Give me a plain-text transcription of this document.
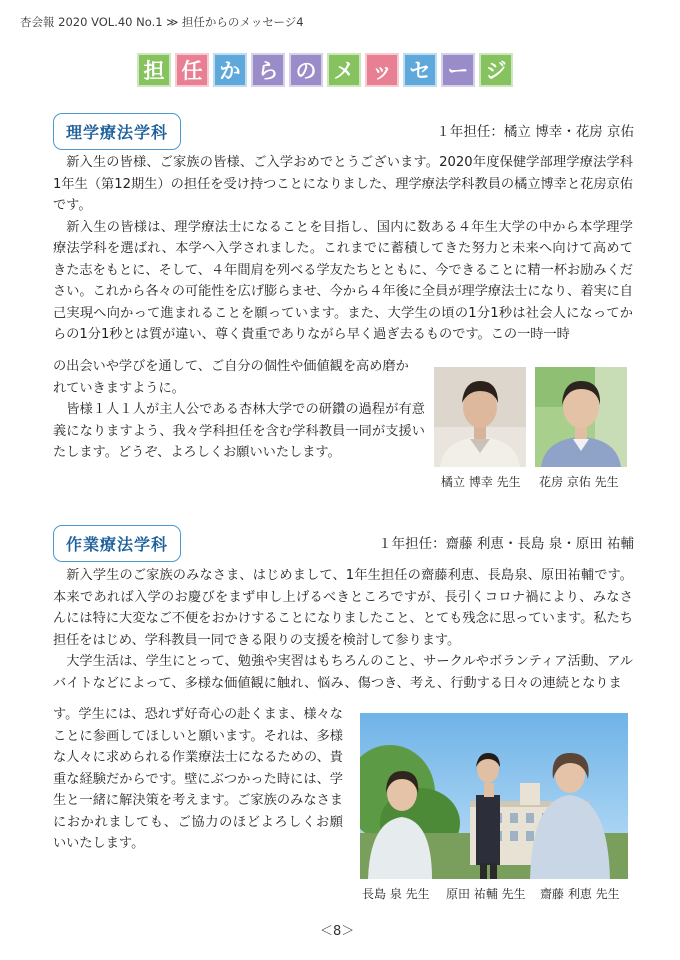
杏会報 2020 VOL.40 No.1 ≫ 担任からのメッセージ4
担 任 か ら の メ ッ セ ー ジ
理学療法学科	１年担任：橘立 博幸・花房 京佑

新入生の皆様、ご家族の皆様、ご入学おめでとうございます。2020年度保健学部理学療法学科1年生（第12期生）の担任を受け持つことになりました、理学療法学科教員の橘立博幸と花房京佑です。

新入生の皆様は、理学療法士になることを目指し、国内に数ある４年生大学の中から本学理学療法学科を選ばれ、本学へ入学されました。これまでに蓄積してきた努力と未来へ向けて高めてきた志をもとに、そして、４年間肩を列べる学友たちとともに、今できることに精一杯お励みください。これから各々の可能性を広げ膨らませ、今から４年後に全員が理学療法士になり、着実に自己実現へ向かって進まれることを願っています。また、大学生の頃の1分1秒は社会人になってからの1分1秒とは質が違い、尊く貴重でありながら早く過ぎ去るものです。この一時一時

の出会いや学びを通して、ご自分の個性や価値観を高め磨か

れていきますように。

皆様１人１人が主人公である杏林大学での研鑽の過程が有意義になりますよう、我々学科担任を含む学科教員一同が支援いたします。どうぞ、よろしくお願いいたします。

橘立 博幸 先生 花房 京佑 先生
作業療法学科	１年担任：齋藤 利恵・長島 泉・原田 祐輔

新入学生のご家族のみなさま、はじめまして、1年生担任の齋藤利恵、長島泉、原田祐輔です。本来であれば入学のお慶びをまず申し上げるべきところですが、長引くコロナ禍により、みなさんには特に大変なご不便をおかけすることになりましたこと、とても残念に思っています。私たち担任をはじめ、学科教員一同できる限りの支援を検討して参ります。

大学生活は、学生にとって、勉強や実習はもちろんのこと、サークルやボランティア活動、アルバイトなどによって、多様な価値観に触れ、悩み、傷つき、考え、行動する日々の連続となりま

す。学生には、恐れず好奇心の赴くまま、様々なことに参画してほしいと願います。それは、多様な人々に求められる作業療法士になるための、貴重な経験だからです。壁にぶつかった時には、学生と一緒に解決策を考えます。ご家族のみなさまにおかれましても、ご協力のほどよろしくお願いいたします。

長島 泉 先生 原田 祐輔 先生 齋藤 利恵 先生
＜8＞
